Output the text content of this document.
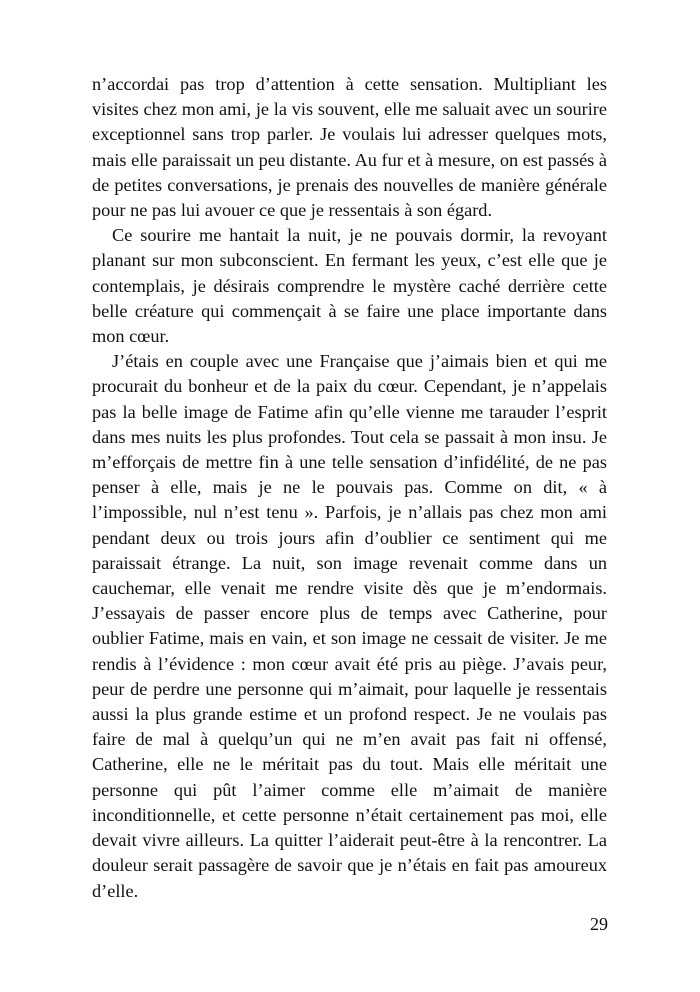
n’accordai pas trop d’attention à cette sensation. Multipliant les visites chez mon ami, je la vis souvent, elle me saluait avec un sourire exceptionnel sans trop parler. Je voulais lui adresser quelques mots, mais elle paraissait un peu distante. Au fur et à mesure, on est passés à de petites conversations, je prenais des nouvelles de manière générale pour ne pas lui avouer ce que je ressentais à son égard.

Ce sourire me hantait la nuit, je ne pouvais dormir, la revoyant planant sur mon subconscient. En fermant les yeux, c’est elle que je contemplais, je désirais comprendre le mystère caché derrière cette belle créature qui commençait à se faire une place importante dans mon cœur.

J’étais en couple avec une Française que j’aimais bien et qui me procurait du bonheur et de la paix du cœur. Cependant, je n’appelais pas la belle image de Fatime afin qu’elle vienne me tarauder l’esprit dans mes nuits les plus profondes. Tout cela se passait à mon insu. Je m’efforçais de mettre fin à une telle sensation d’infidélité, de ne pas penser à elle, mais je ne le pouvais pas. Comme on dit, « à l’impossible, nul n’est tenu ». Parfois, je n’allais pas chez mon ami pendant deux ou trois jours afin d’oublier ce sentiment qui me paraissait étrange. La nuit, son image revenait comme dans un cauchemar, elle venait me rendre visite dès que je m’endormais. J’essayais de passer encore plus de temps avec Catherine, pour oublier Fatime, mais en vain, et son image ne cessait de visiter. Je me rendis à l’évidence : mon cœur avait été pris au piège. J’avais peur, peur de perdre une personne qui m’aimait, pour laquelle je ressentais aussi la plus grande estime et un profond respect. Je ne voulais pas faire de mal à quelqu’un qui ne m’en avait pas fait ni offensé, Catherine, elle ne le méritait pas du tout. Mais elle méritait une personne qui pût l’aimer comme elle m’aimait de manière inconditionnelle, et cette personne n’était certainement pas moi, elle devait vivre ailleurs. La quitter l’aiderait peut-être à la rencontrer. La douleur serait passagère de savoir que je n’étais en fait pas amoureux d’elle.

29
